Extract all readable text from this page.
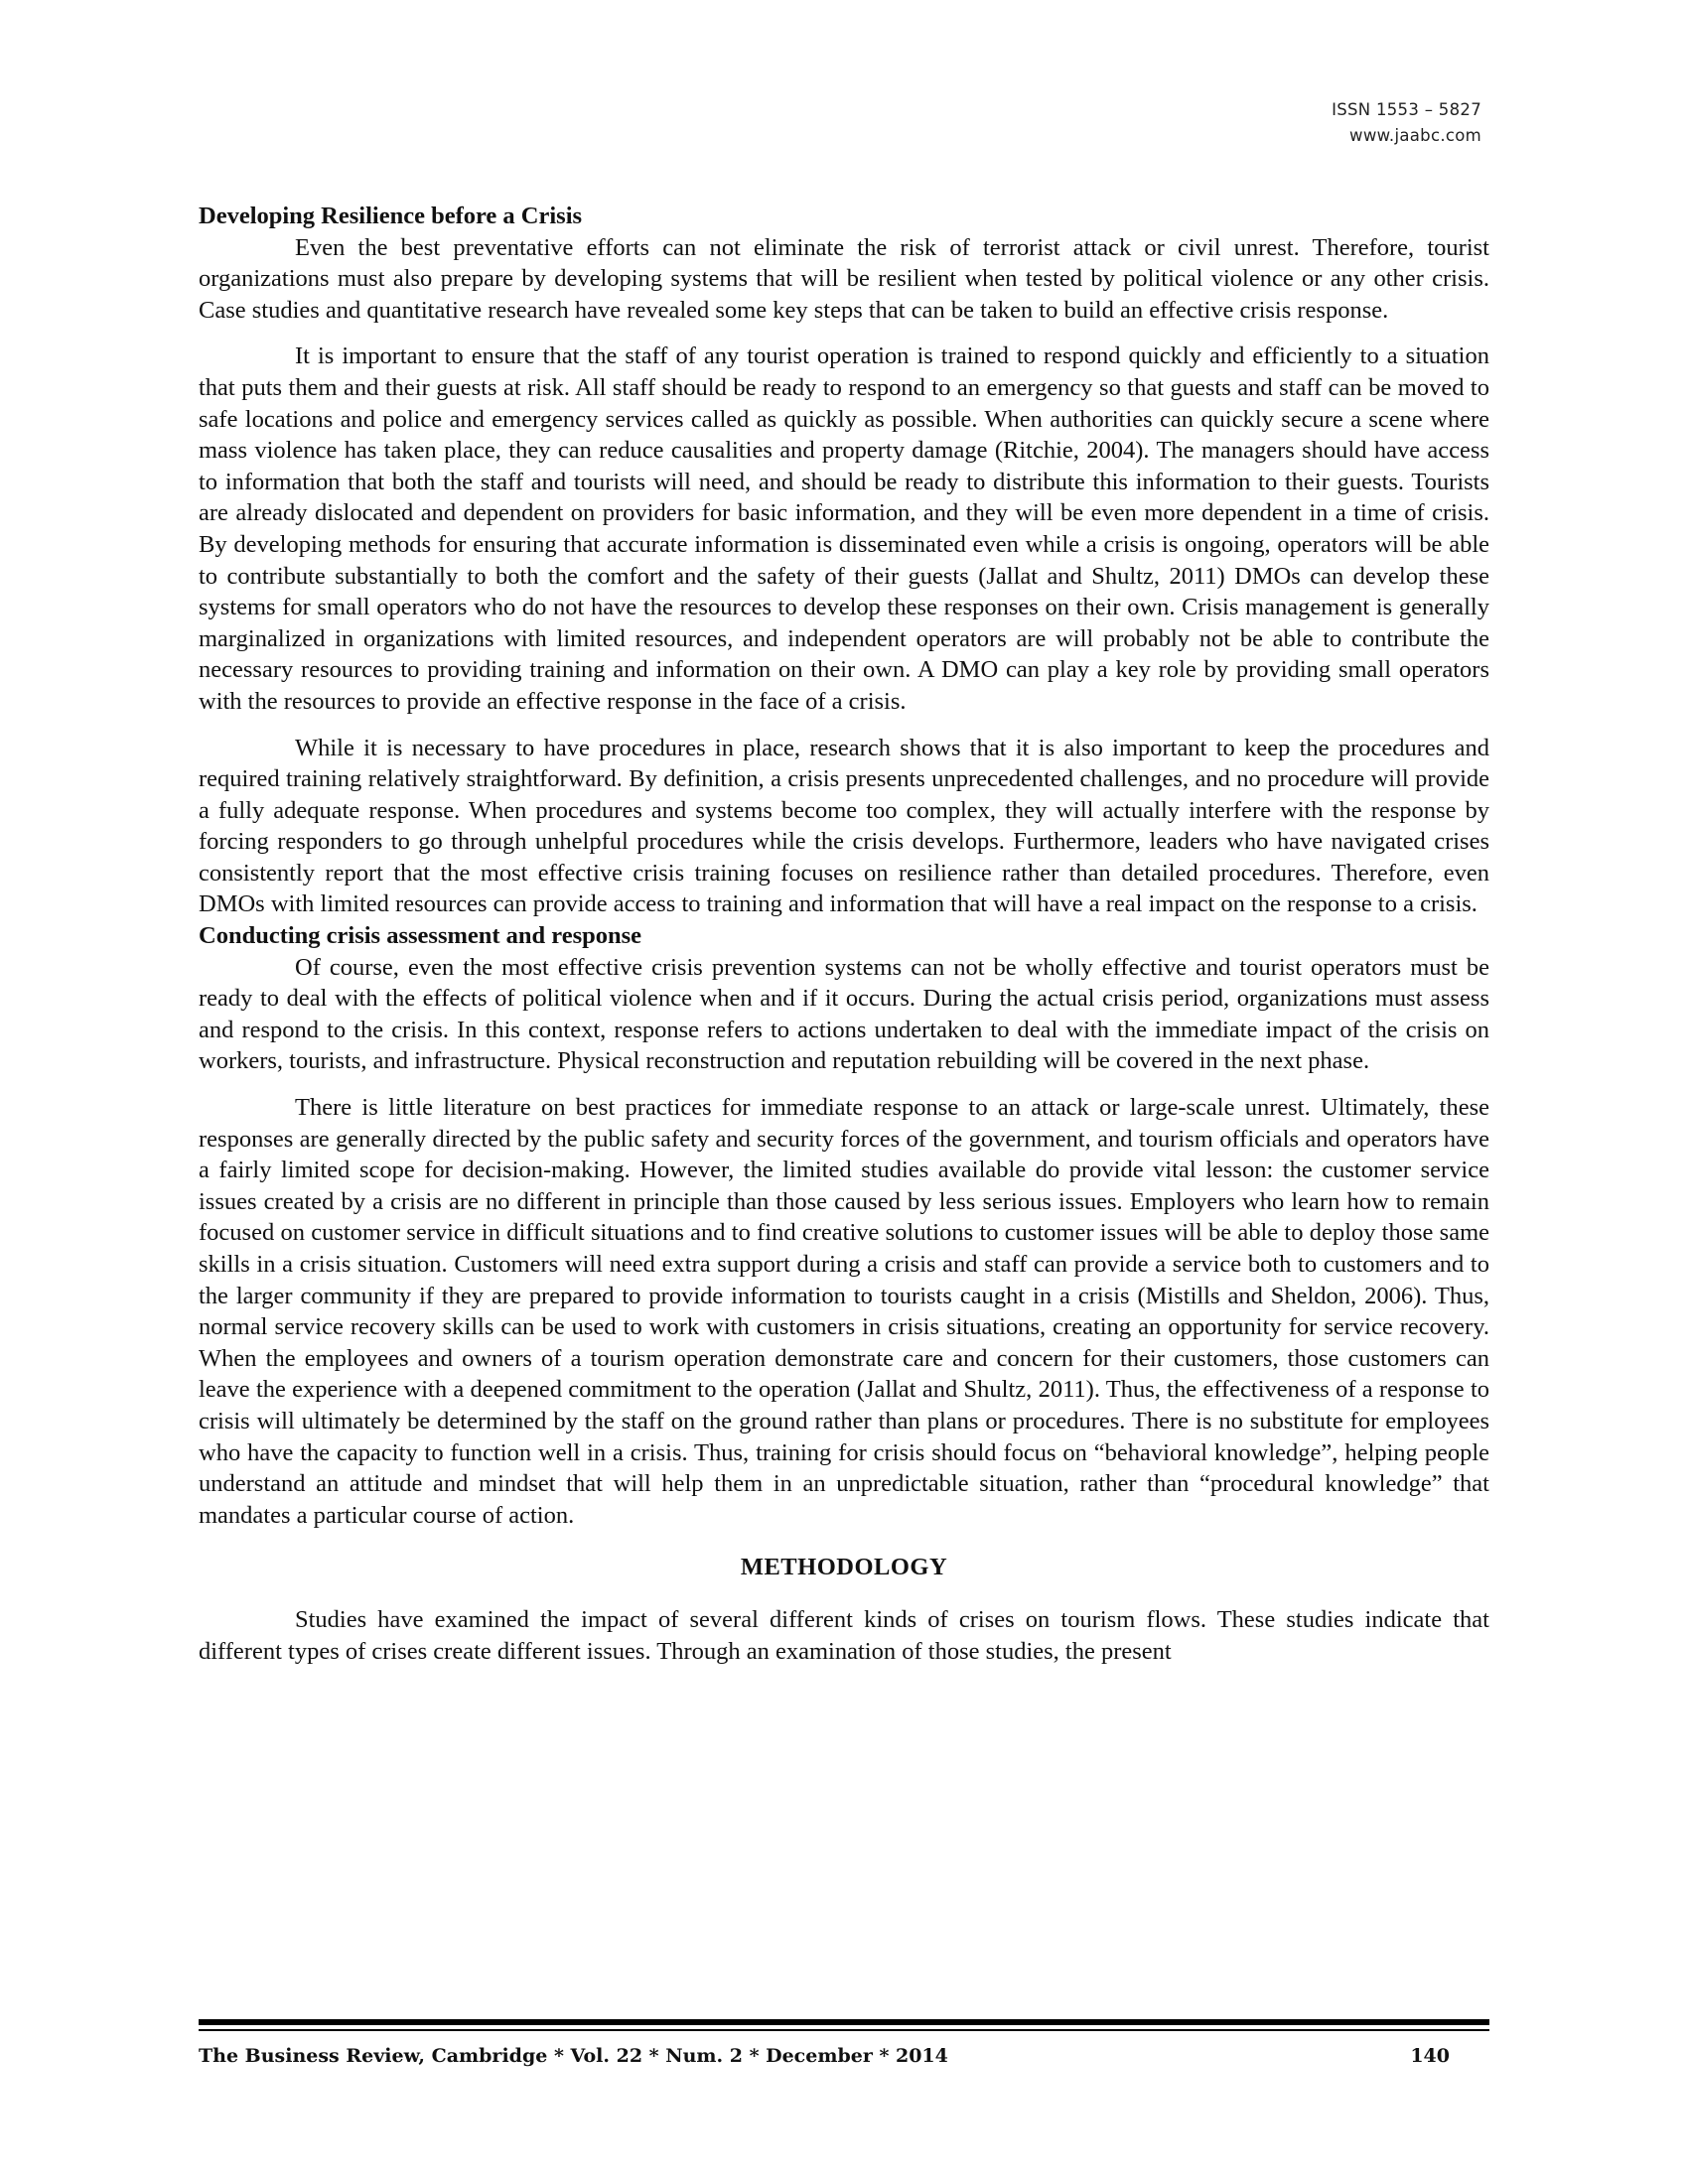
ISSN 1553 – 5827
www.jaabc.com
Developing Resilience before a Crisis

Even the best preventative efforts can not eliminate the risk of terrorist attack or civil unrest. Therefore, tourist organizations must also prepare by developing systems that will be resilient when tested by political violence or any other crisis. Case studies and quantitative research have revealed some key steps that can be taken to build an effective crisis response.

It is important to ensure that the staff of any tourist operation is trained to respond quickly and efficiently to a situation that puts them and their guests at risk. All staff should be ready to respond to an emergency so that guests and staff can be moved to safe locations and police and emergency services called as quickly as possible. When authorities can quickly secure a scene where mass violence has taken place, they can reduce causalities and property damage (Ritchie, 2004). The managers should have access to information that both the staff and tourists will need, and should be ready to distribute this information to their guests. Tourists are already dislocated and dependent on providers for basic information, and they will be even more dependent in a time of crisis. By developing methods for ensuring that accurate information is disseminated even while a crisis is ongoing, operators will be able to contribute substantially to both the comfort and the safety of their guests (Jallat and Shultz, 2011) DMOs can develop these systems for small operators who do not have the resources to develop these responses on their own. Crisis management is generally marginalized in organizations with limited resources, and independent operators are will probably not be able to contribute the necessary resources to providing training and information on their own. A DMO can play a key role by providing small operators with the resources to provide an effective response in the face of a crisis.

While it is necessary to have procedures in place, research shows that it is also important to keep the procedures and required training relatively straightforward. By definition, a crisis presents unprecedented challenges, and no procedure will provide a fully adequate response. When procedures and systems become too complex, they will actually interfere with the response by forcing responders to go through unhelpful procedures while the crisis develops. Furthermore, leaders who have navigated crises consistently report that the most effective crisis training focuses on resilience rather than detailed procedures. Therefore, even DMOs with limited resources can provide access to training and information that will have a real impact on the response to a crisis.

Conducting crisis assessment and response

Of course, even the most effective crisis prevention systems can not be wholly effective and tourist operators must be ready to deal with the effects of political violence when and if it occurs. During the actual crisis period, organizations must assess and respond to the crisis. In this context, response refers to actions undertaken to deal with the immediate impact of the crisis on workers, tourists, and infrastructure. Physical reconstruction and reputation rebuilding will be covered in the next phase.

There is little literature on best practices for immediate response to an attack or large-scale unrest. Ultimately, these responses are generally directed by the public safety and security forces of the government, and tourism officials and operators have a fairly limited scope for decision-making. However, the limited studies available do provide vital lesson: the customer service issues created by a crisis are no different in principle than those caused by less serious issues. Employers who learn how to remain focused on customer service in difficult situations and to find creative solutions to customer issues will be able to deploy those same skills in a crisis situation. Customers will need extra support during a crisis and staff can provide a service both to customers and to the larger community if they are prepared to provide information to tourists caught in a crisis (Mistills and Sheldon, 2006). Thus, normal service recovery skills can be used to work with customers in crisis situations, creating an opportunity for service recovery. When the employees and owners of a tourism operation demonstrate care and concern for their customers, those customers can leave the experience with a deepened commitment to the operation (Jallat and Shultz, 2011). Thus, the effectiveness of a response to crisis will ultimately be determined by the staff on the ground rather than plans or procedures. There is no substitute for employees who have the capacity to function well in a crisis. Thus, training for crisis should focus on “behavioral knowledge”, helping people understand an attitude and mindset that will help them in an unpredictable situation, rather than “procedural knowledge” that mandates a particular course of action.

METHODOLOGY

Studies have examined the impact of several different kinds of crises on tourism flows. These studies indicate that different types of crises create different issues. Through an examination of those studies, the present

The Business Review, Cambridge * Vol. 22 * Num. 2 * December * 2014	140
